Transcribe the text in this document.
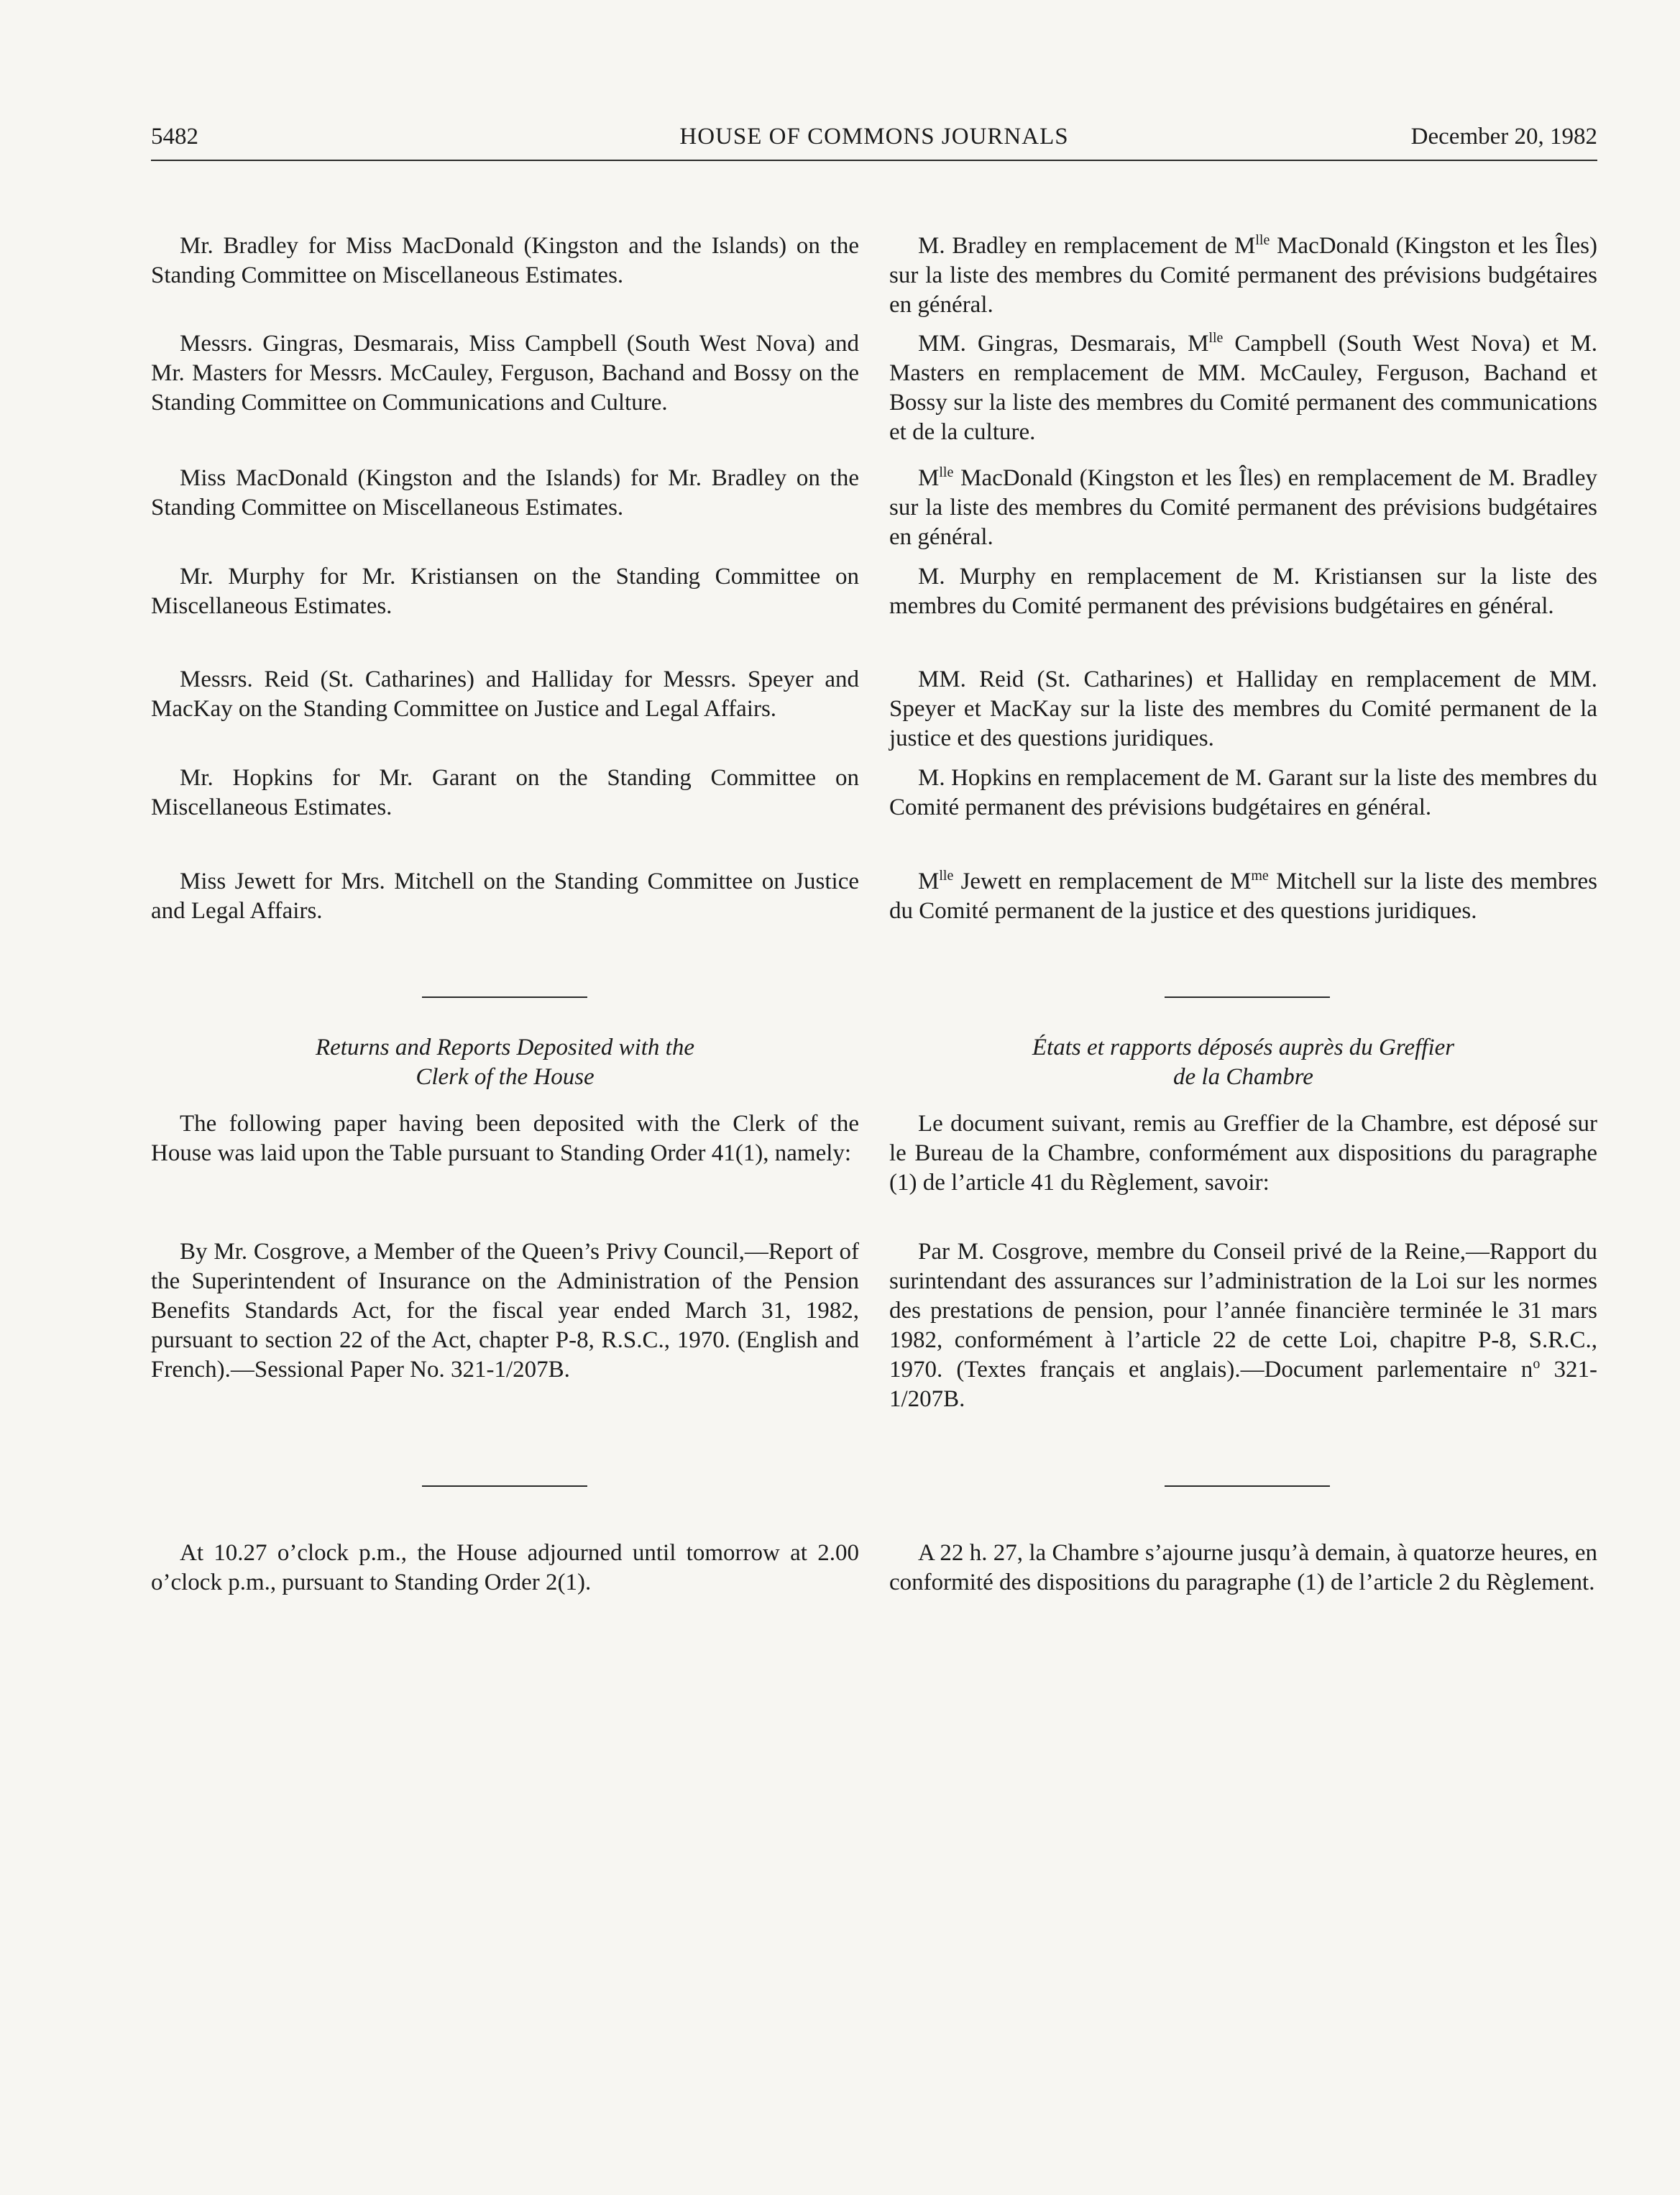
5482	HOUSE OF COMMONS JOURNALS	December 20, 1982

Mr. Bradley for Miss MacDonald (Kingston and the Islands) on the Standing Committee on Miscellaneous Estimates.

Messrs. Gingras, Desmarais, Miss Campbell (South West Nova) and Mr. Masters for Messrs. McCauley, Ferguson, Bachand and Bossy on the Standing Committee on Communications and Culture.

Miss MacDonald (Kingston and the Islands) for Mr. Bradley on the Standing Committee on Miscellaneous Estimates.

Mr. Murphy for Mr. Kristiansen on the Standing Committee on Miscellaneous Estimates.

Messrs. Reid (St. Catharines) and Halliday for Messrs. Speyer and MacKay on the Standing Committee on Justice and Legal Affairs.

Mr. Hopkins for Mr. Garant on the Standing Committee on Miscellaneous Estimates.

Miss Jewett for Mrs. Mitchell on the Standing Committee on Justice and Legal Affairs.

Returns and Reports Deposited with the
Clerk of the House

The following paper having been deposited with the Clerk of the House was laid upon the Table pursuant to Standing Order 41(1), namely:

By Mr. Cosgrove, a Member of the Queen’s Privy Council,—Report of the Superintendent of Insurance on the Administration of the Pension Benefits Standards Act, for the fiscal year ended March 31, 1982, pursuant to section 22 of the Act, chapter P-8, R.S.C., 1970. (English and French).—Sessional Paper No. 321-1/207B.

At 10.27 o’clock p.m., the House adjourned until tomorrow at 2.00 o’clock p.m., pursuant to Standing Order 2(1).

M. Bradley en remplacement de $M^{lle}$ MacDonald (Kingston et les Îles) sur la liste des membres du Comité permanent des prévisions budgétaires en général.

MM. Gingras, Desmarais, $M^{lle}$ Campbell (South West Nova) et M. Masters en remplacement de MM. McCauley, Ferguson, Bachand et Bossy sur la liste des membres du Comité permanent des communications et de la culture.

$M^{lle}$ MacDonald (Kingston et les Îles) en remplacement de M. Bradley sur la liste des membres du Comité permanent des prévisions budgétaires en général.

M. Murphy en remplacement de M. Kristiansen sur la liste des membres du Comité permanent des prévisions budgétaires en général.

MM. Reid (St. Catharines) et Halliday en remplacement de MM. Speyer et MacKay sur la liste des membres du Comité permanent de la justice et des questions juridiques.

M. Hopkins en remplacement de M. Garant sur la liste des membres du Comité permanent des prévisions budgétaires en général.

$M^{lle}$ Jewett en remplacement de $M^{me}$ Mitchell sur la liste des membres du Comité permanent de la justice et des questions juridiques.

États et rapports déposés auprès du Greffier
de la Chambre

Le document suivant, remis au Greffier de la Chambre, est déposé sur le Bureau de la Chambre, conformément aux dispositions du paragraphe (1) de l’article 41 du Règlement, savoir:

Par M. Cosgrove, membre du Conseil privé de la Reine,—Rapport du surintendant des assurances sur l’administration de la Loi sur les normes des prestations de pension, pour l’année financière terminée le 31 mars 1982, conformément à l’article 22 de cette Loi, chapitre P-8, S.R.C., 1970. (Textes français et anglais).—Document parlementaire $n^o$ 321-1/207B.

A 22 h. 27, la Chambre s’ajourne jusqu’à demain, à quatorze heures, en conformité des dispositions du paragraphe (1) de l’article 2 du Règlement.
